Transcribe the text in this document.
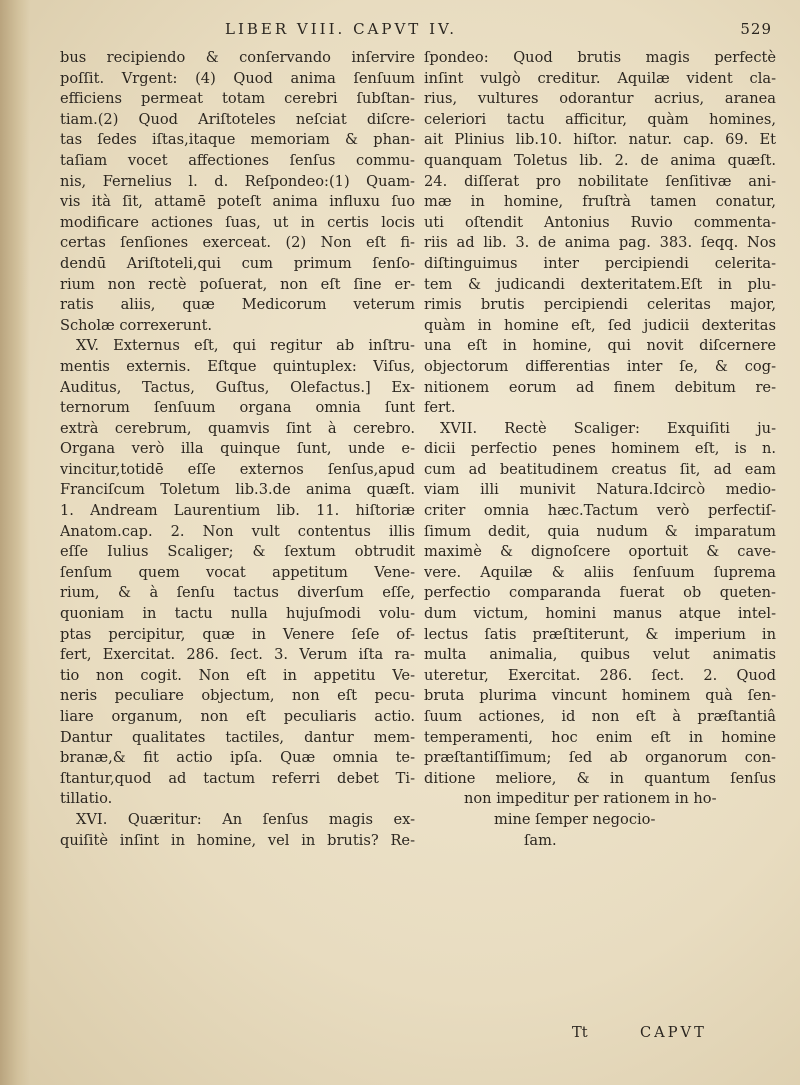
LIBER VIII. CAPVT IV.	529
bus recipiendo & conſervando inſervire
poſſit. Vrgent: (4) Quod anima ſenſuum
efficiens permeat totam cerebri ſubſtan-
tiam.(2) Quod Ariſtoteles neſciat diſcre-
tas ſedes iſtas,itaque memoriam & phan-
taſiam vocet affectiones ſenſus commu-
nis, Fernelius l. d. Reſpondeo:(1) Quam-
vis ità ſit, attamē poteſt anima influxu ſuo
modificare actiones ſuas, ut in certis locis
certas ſenſiones exerceat. (2) Non eſt fi-
dendū Ariſtoteli,qui cum primum ſenſo-
rium non rectè poſuerat, non eſt ſine er-
ratis aliis, quæ Medicorum veterum
Scholæ correxerunt.
XV. Externus eſt, qui regitur ab inſtru-
mentis externis. Eſtque quintuplex: Viſus,
Auditus, Tactus, Guſtus, Olefactus.] Ex-
ternorum ſenſuum organa omnia ſunt
extrà cerebrum, quamvis ſint à cerebro.
Organa verò illa quinque ſunt, unde e-
vincitur,totidē eſſe externos ſenſus,apud
Franciſcum Toletum lib.3.de anima quæſt.
1. Andream Laurentium lib. 11. hiſtoriæ
Anatom.cap. 2. Non vult contentus illis
eſſe Iulius Scaliger; & ſextum obtrudit
ſenſum quem vocat appetitum Vene-
rium, & à ſenſu tactus diverſum eſſe,
quoniam in tactu nulla hujuſmodi volu-
ptas percipitur, quæ in Venere ſeſe of-
fert, Exercitat. 286. ſect. 3. Verum iſta ra-
tio non cogit. Non eſt in appetitu Ve-
neris peculiare objectum, non eſt pecu-
liare organum, non eſt peculiaris actio.
Dantur qualitates tactiles, dantur mem-
branæ,& fit actio ipſa. Quæ omnia te-
ſtantur,quod ad tactum referri debet Ti-
tillatio.
XVI. Quæritur: An ſenſus magis ex-
quiſitè inſint in homine, vel in brutis? Re-
ſpondeo: Quod brutis magis perfectè
inſint vulgò creditur. Aquilæ vident cla-
rius, vultures odorantur acrius, aranea
celeriori tactu afficitur, quàm homines,
ait Plinius lib.10. hiſtor. natur. cap. 69. Et
quanquam Toletus lib. 2. de anima quæſt.
24. diſſerat pro nobilitate ſenſitivæ ani-
mæ in homine, fruſtrà tamen conatur,
uti oſtendit Antonius Ruvio commenta-
riis ad lib. 3. de anima pag. 383. ſeqq. Nos
diſtinguimus inter percipiendi celerita-
tem & judicandi dexteritatem.Eſt in plu-
rimis brutis percipiendi celeritas major,
quàm in homine eſt, ſed judicii dexteritas
una eſt in homine, qui novit diſcernere
objectorum differentias inter ſe, & cog-
nitionem eorum ad finem debitum re-
fert.
XVII. Rectè Scaliger: Exquiſiti ju-
dicii perfectio penes hominem eſt, is n.
cum ad beatitudinem creatus ſit, ad eam
viam illi munivit Natura.Idcircò medio-
criter omnia hæc.Tactum verò perfectiſ-
ſimum dedit, quia nudum & imparatum
maximè & dignoſcere oportuit & cave-
vere. Aquilæ & aliis ſenſuum ſuprema
perfectio comparanda fuerat ob queten-
dum victum, homini manus atque intel-
lectus ſatis præſtiterunt, & imperium in
multa animalia, quibus velut animatis
uteretur, Exercitat. 286. ſect. 2. Quod
bruta plurima vincunt hominem quà ſen-
ſuum actiones, id non eſt à præſtantiâ
temperamenti, hoc enim eſt in homine
præſtantiſſimum; ſed ab organorum con-
ditione meliore, & in quantum ſenſus
non impeditur per rationem in ho-
mine ſemper negocio-
ſam.
Tt	CAPVT
